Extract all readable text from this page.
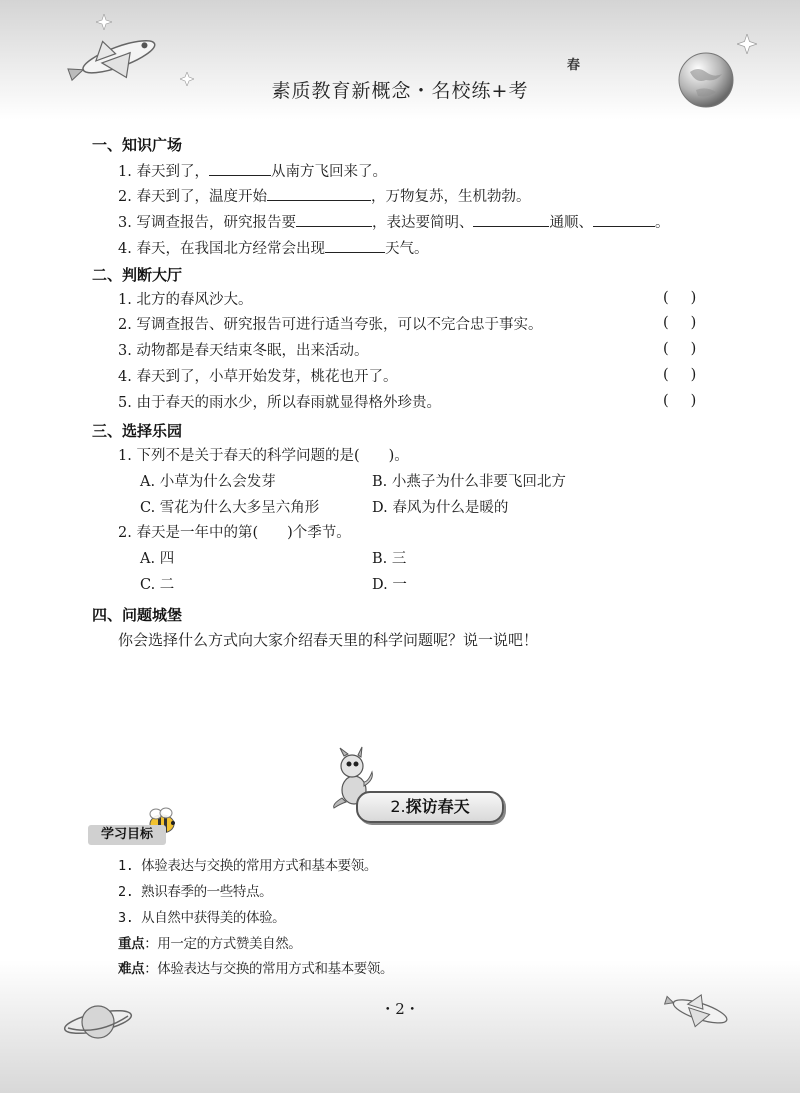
素质教育新概念・名校练+考
春
一、知识广场
1. 春天到了，	从南方飞回来了。
2. 春天到了，温度开始	，万物复苏，生机勃勃。
3. 写调查报告，研究报告要	，表达要简明、	通顺、	。
4. 春天，在我国北方经常会出现	天气。
二、判断大厅
1. 北方的春风沙大。	( )
2. 写调查报告、研究报告可进行适当夸张，可以不完合忠于事实。	( )
3. 动物都是春天结束冬眠，出来活动。	( )
4. 春天到了，小草开始发芽，桃花也开了。	( )
5. 由于春天的雨水少，所以春雨就显得格外珍贵。	( )
三、选择乐园
1. 下列不是关于春天的科学问题的是(　　)。
A. 小草为什么会发芽	B. 小燕子为什么非要飞回北方
C. 雪花为什么大多呈六角形	D. 春风为什么是暖的
2. 春天是一年中的第(　　)个季节。
A. 四	B. 三
C. 二	D. 一
四、问题城堡
你会选择什么方式向大家介绍春天里的科学问题呢？说一说吧！
2.探访春天
学习目标
1. 体验表达与交换的常用方式和基本要领。
2. 熟识春季的一些特点。
3. 从自然中获得美的体验。
重点：用一定的方式赞美自然。
难点：体验表达与交换的常用方式和基本要领。
・2・
